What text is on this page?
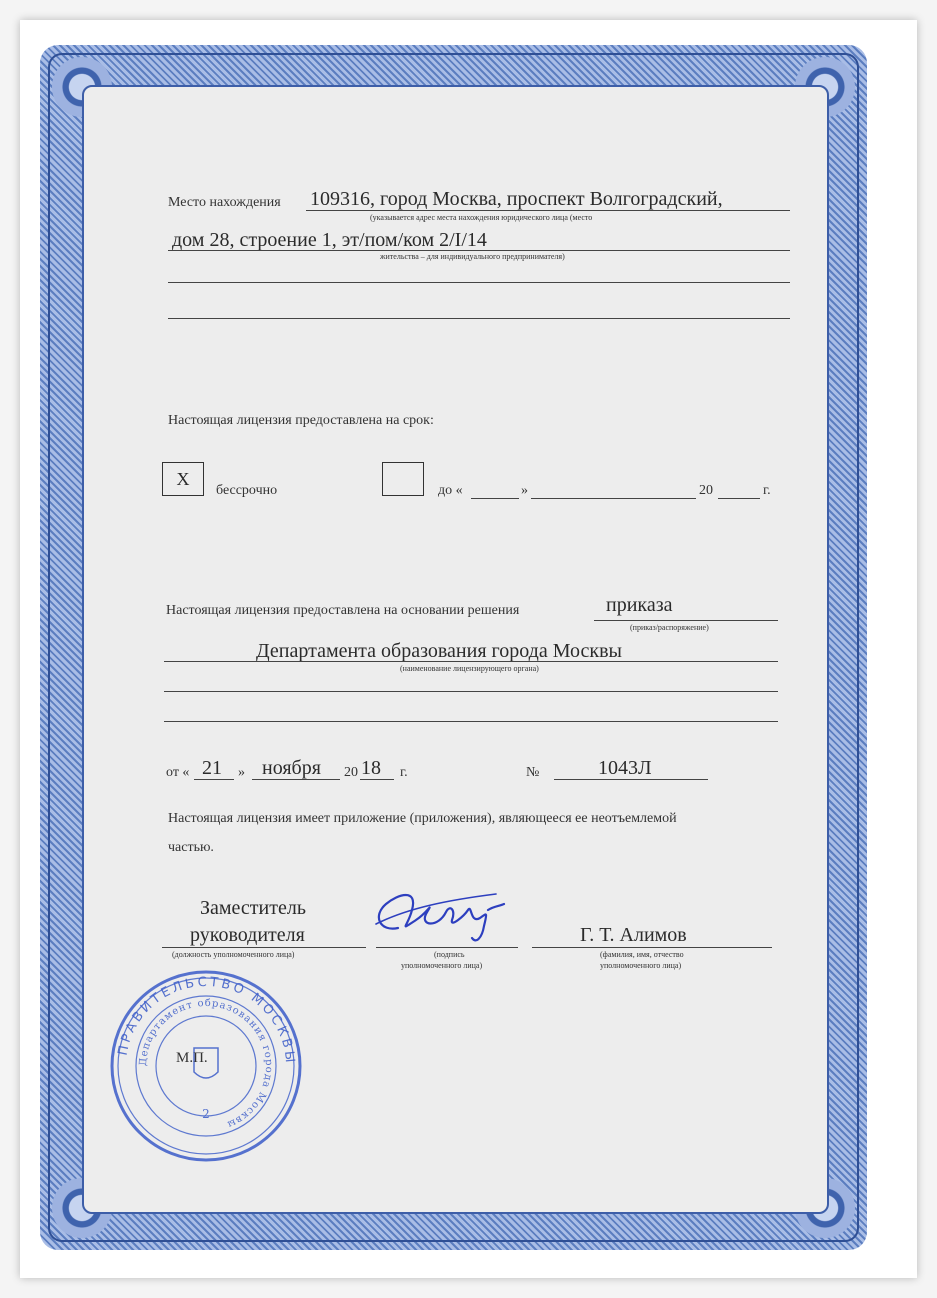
Место нахождения 109316, город Москва, проспект Волгоградский,
(указывается адрес места нахождения юридического лица (место
дом 28, строение 1, эт/пом/ком 2/I/14
жительства – для индивидуального предпринимателя)
Настоящая лицензия предоставлена на срок:
X
бессрочно	до «	»	20	г.
Настоящая лицензия предоставлена на основании решения	приказа
(приказ/распоряжение)
Департамента образования города Москвы
(наименование лицензирующего органа)
от « 21 » ноября 20 18 г.	№	1043Л
Настоящая лицензия имеет приложение (приложения), являющееся ее неотъемлемой
частью.
Заместитель
руководителя
(должность уполномоченного лица)	(подпись
уполномоченного лица)
Г. Т. Алимов
(фамилия, имя, отчество
уполномоченного лица)
ПРАВИТЕЛЬСТВО МОСКВЫ
Департамент образования города Москвы
2
М.П.
